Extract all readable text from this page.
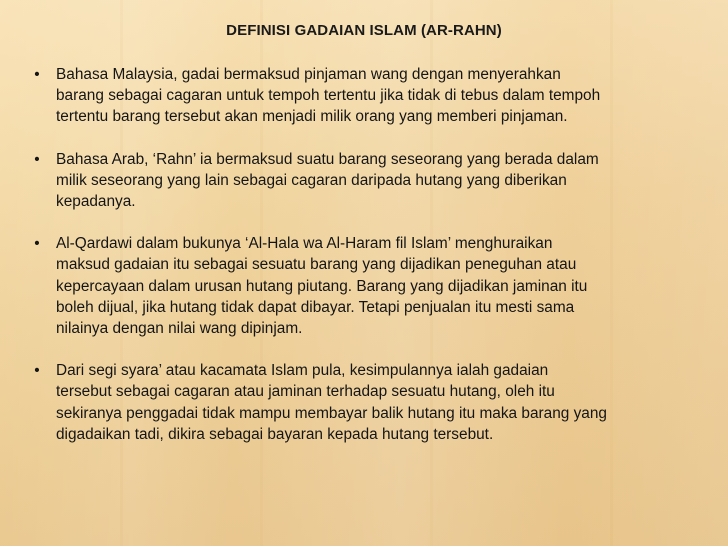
DEFINISI GADAIAN ISLAM (AR-RAHN)
• Bahasa Malaysia, gadai bermaksud pinjaman wang dengan menyerahkan
barang sebagai cagaran untuk tempoh tertentu jika tidak di tebus dalam tempoh
tertentu barang tersebut akan menjadi milik orang yang memberi pinjaman.
• Bahasa Arab, ‘Rahn’ ia bermaksud suatu barang seseorang yang berada dalam
milik seseorang yang lain sebagai cagaran daripada hutang yang diberikan
kepadanya.
• Al-Qardawi dalam bukunya ‘Al-Hala wa Al-Haram fil Islam’ menghuraikan
maksud gadaian itu sebagai sesuatu barang yang dijadikan peneguhan atau
kepercayaan dalam urusan hutang piutang. Barang yang dijadikan jaminan itu
boleh dijual, jika hutang tidak dapat dibayar. Tetapi penjualan itu mesti sama
nilainya dengan nilai wang dipinjam.
• Dari segi syara’ atau kacamata Islam pula, kesimpulannya ialah gadaian
tersebut sebagai cagaran atau jaminan terhadap sesuatu hutang, oleh itu
sekiranya penggadai tidak mampu membayar balik hutang itu maka barang yang
digadaikan tadi, dikira sebagai bayaran kepada hutang tersebut.
